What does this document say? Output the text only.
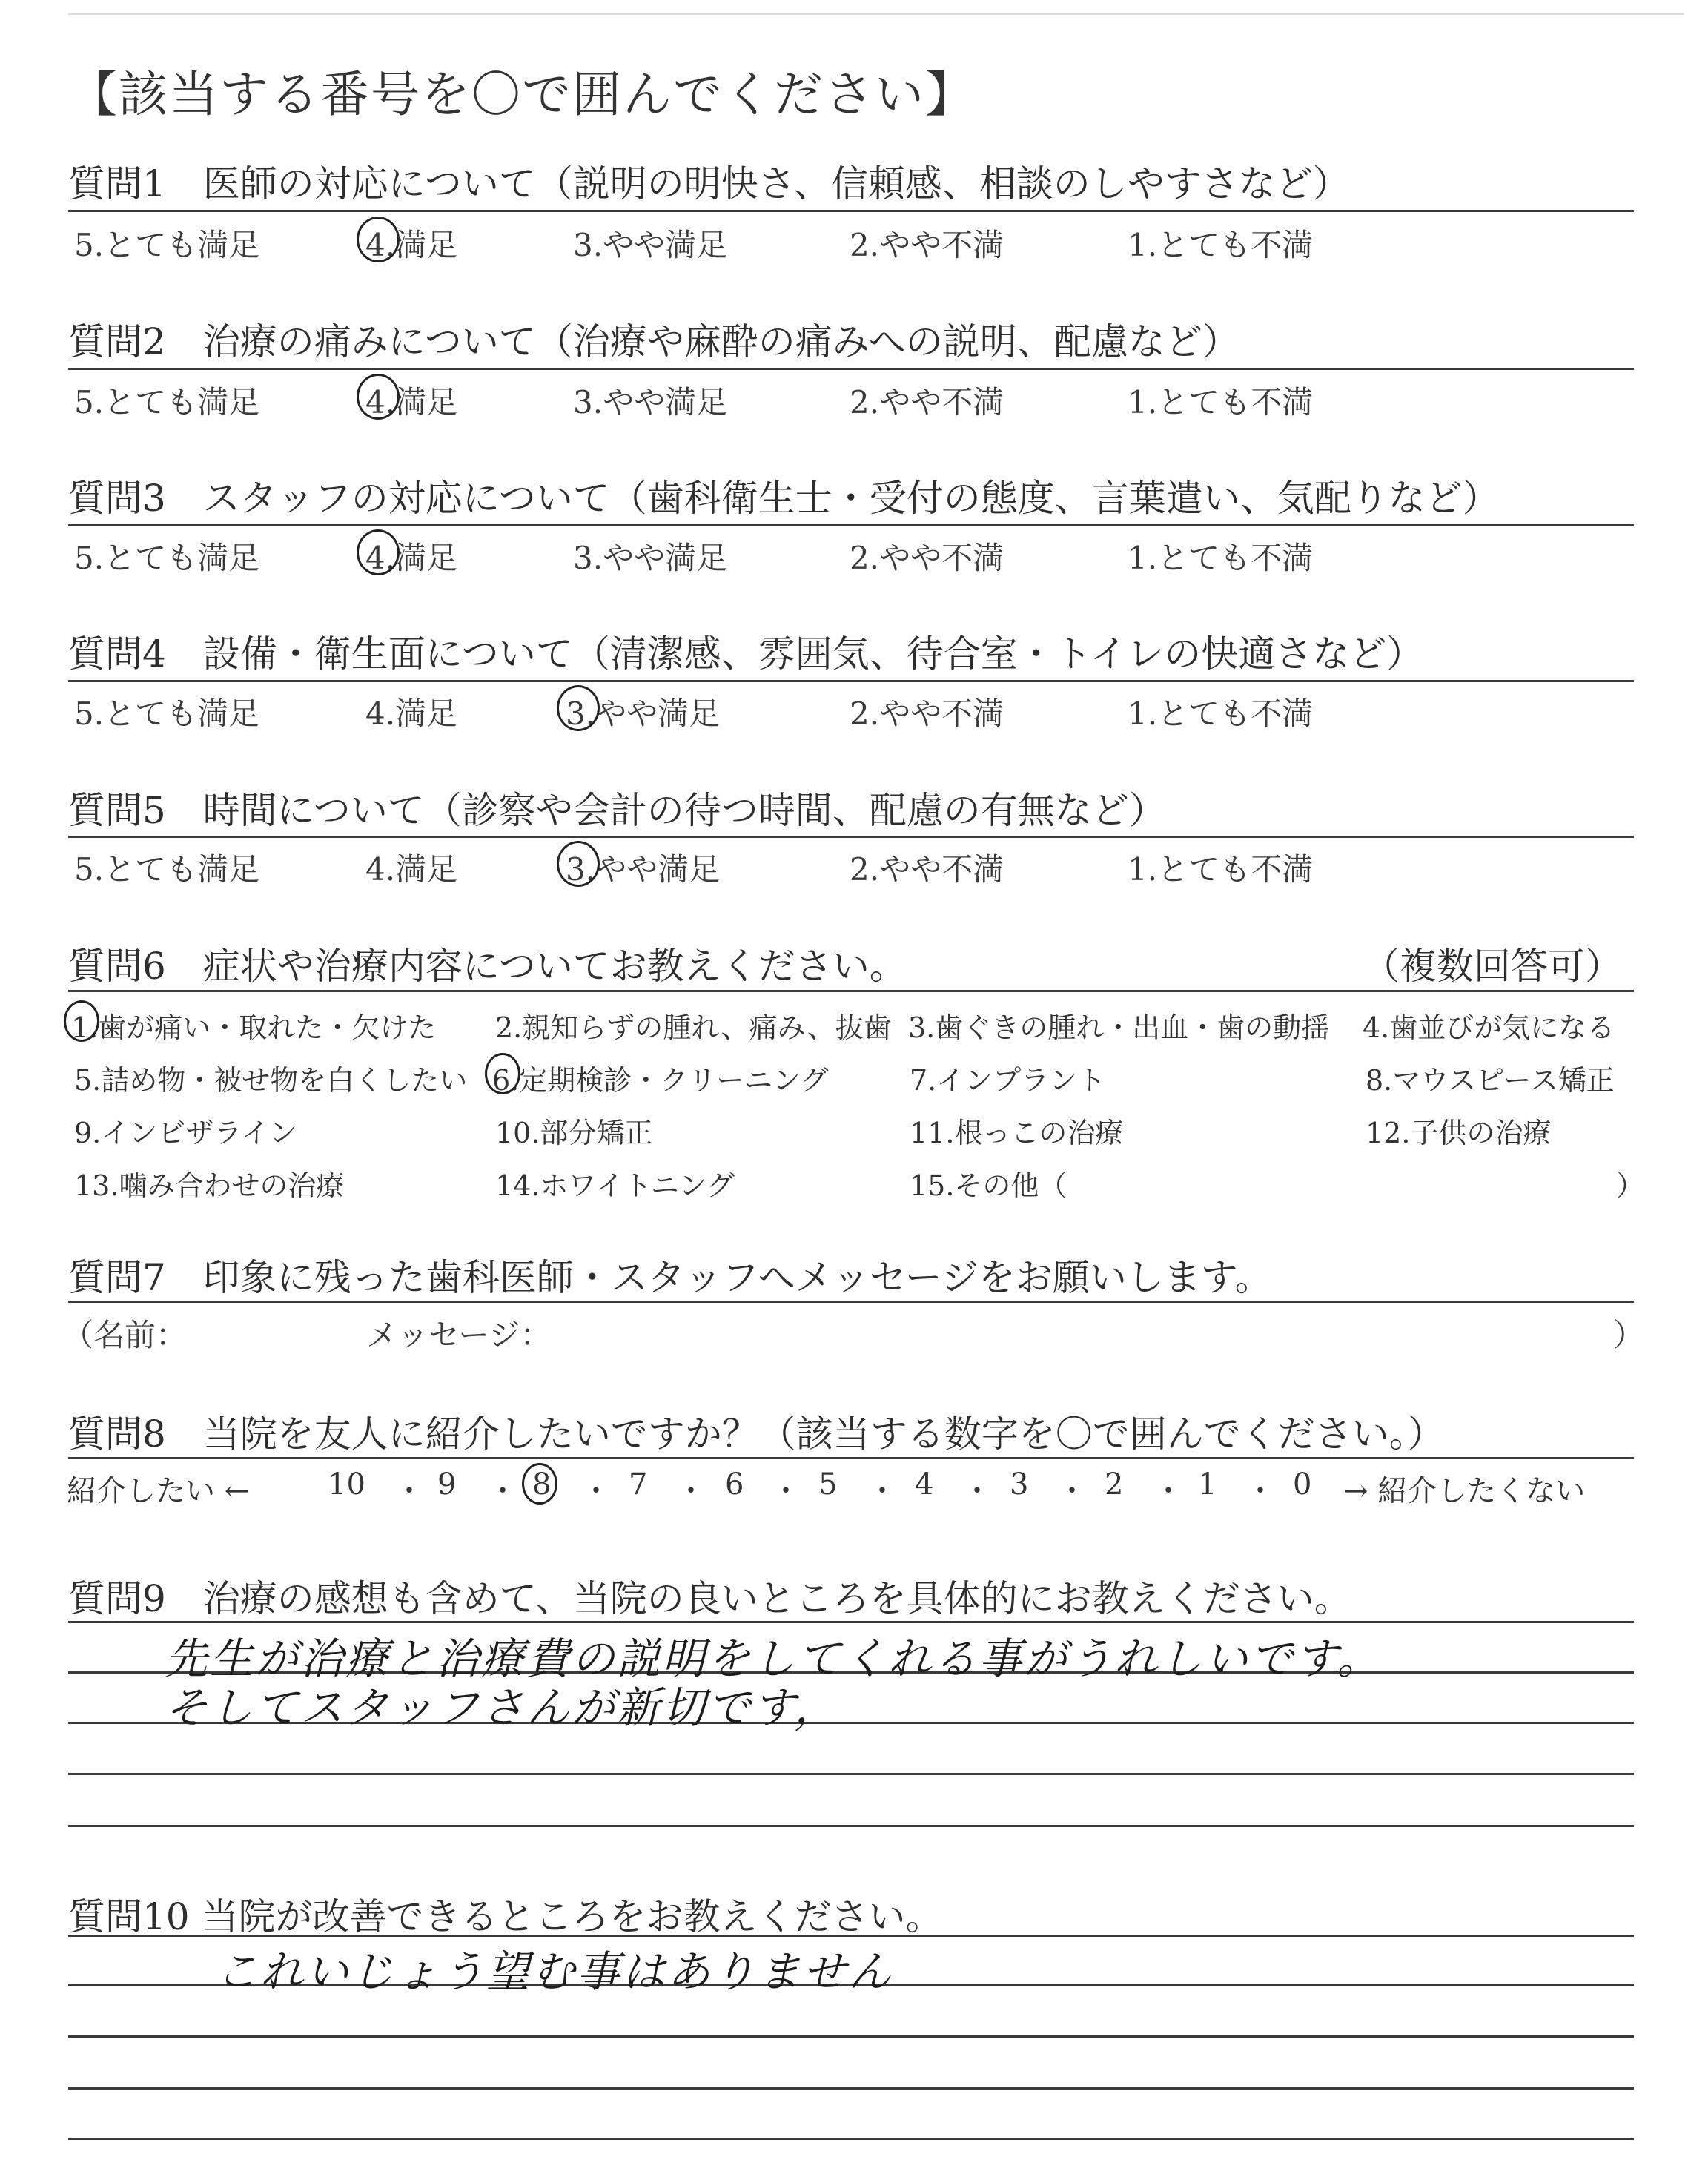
【該当する番号を〇で囲んでください】
質問1　医師の対応について（説明の明快さ、信頼感、相談のしやすさなど）
5.とても満足	4.満足	3.やや満足	2.やや不満	1.とても不満
質問2　治療の痛みについて（治療や麻酔の痛みへの説明、配慮など）
5.とても満足	4.満足	3.やや満足	2.やや不満	1.とても不満
質問3　スタッフの対応について（歯科衛生士・受付の態度、言葉遣い、気配りなど）
5.とても満足	4.満足	3.やや満足	2.やや不満	1.とても不満
質問4　設備・衛生面について（清潔感、雰囲気、待合室・トイレの快適さなど）
5.とても満足	4.満足	3.やや満足	2.やや不満	1.とても不満
質問5　時間について（診察や会計の待つ時間、配慮の有無など）
5.とても満足	4.満足	3.やや満足	2.やや不満	1.とても不満
質問6　症状や治療内容についてお教えください。	（複数回答可）
1.歯が痛い・取れた・欠けた 2.親知らずの腫れ、痛み、抜歯 3.歯ぐきの腫れ・出血・歯の動揺 4.歯並びが気になる
5.詰め物・被せ物を白くしたい 6.定期検診・クリーニング	7.インプラント	8.マウスピース矯正
9.インビザライン	10.部分矯正	11.根っこの治療	12.子供の治療
13.噛み合わせの治療	14.ホワイトニング	15.その他（	）
質問7　印象に残った歯科医師・スタッフへメッセージをお願いします。
（名前：	メッセージ：	）
質問8　当院を友人に紹介したいですか？（該当する数字を〇で囲んでください。）
紹介したい ←	10 ・ 9 ・ 8 ・ 7 ・ 6 ・ 5 ・ 4 ・ 3 ・ 2 ・ 1 ・ 0 → 紹介したくない
質問9　治療の感想も含めて、当院の良いところを具体的にお教えください。
先生が治療と治療費の説明をしてくれる事がうれしいです。
そしてスタッフさんが新切です，
質問10 当院が改善できるところをお教えください。
これいじょう望む事はありません
